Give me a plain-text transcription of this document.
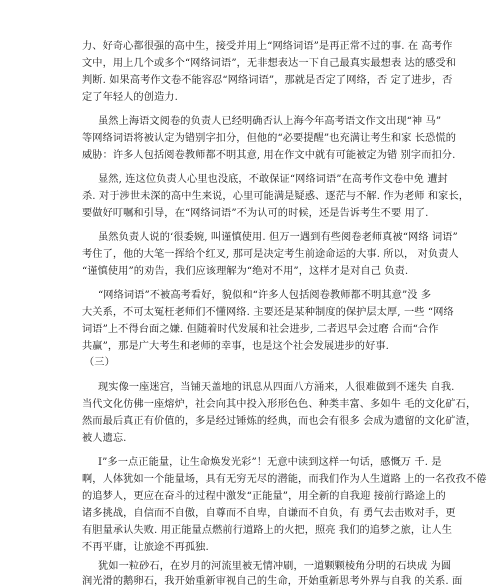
力、好奇心都很强的高中生，接受并用上“网络词语”是再正常不过的事. 在 高考作
文中，用上几个或多个“网络词语”，无非想表达一下自己最真实最想表 达的感受和
判断. 如果高考作文卷不能容忍“网络词语”，那就是否定了网络，否 定了进步，否
定了年轻人的创造力.
虽然上海语文阅卷的负责人已经明确否认上海今年高考语文作文出现“神 马”
等网络词语将被认定为错别字扣分，但他的“必要提醒”也充满让考生和家 长恐慌的
威胁：许多人包括阅卷教师都不明其意, 用在作文中就有可能被定为错 别字而扣分.
显然, 连这位负责人心里也没底，不敢保证“网络词语”在高考作文卷中免 遭封
杀. 对于涉世未深的高中生来说，心里可能满是疑惑、逐茫与不解. 作为老师 和家长，
要做好叮嘱和引导，在“网络词语”不为认可的时候，还是告诉考生不要 用了.
虽然负责人说的‘很委婉, 叫谨慎使用. 但万一遇到有些阅卷老师真被“网络 词语”
考住了，他的大笔一挥给个红叉, 那可是决定考生前途命运的大事. 所以， 对负责人
“谨慎使用”的劝告，我们应该理解为“绝对不用”，这样才是对自己 负责.
“网络词语”不被高考看好，貌似和“许多人包括阅卷教师都不明其意”没 多
大关系，不可太冤枉老师们不懂网络. 主要还是某种制度的保护层太厚, 一些 “网络
词语”上不得台面之嫌. 但随着时代发展和社会进步, 二者迟早会过磨 合而“合作
共赢”，那是广大考生和老师的幸事，也是这个社会发展进步的好事.
（三）
现实像一座迷宫，当铺天盖地的讯息从四面八方涌来，人很难做到不迷失 自我.
当代文化仿佛一座熔炉，社会向其中投入形形色色、种类丰富、多如牛 毛的文化矿石，
然而最后真正有价值的，多是经过锤炼的经典，而也会有很多 会成为遗留的文化矿渣，
被人遗忘.
I”多一点正能量，让生命焕发光彩”！无意中读到这样一句话，感慨万 千. 是
啊，人体犹如一个能量场，具有无穷无尽的潜能，而我们作为人生道路 上的一名孜孜不倦
的追梦人，更应在奋斗的过程中激发“正能量”，用全新的自我迎 接前行路途上的
诸多挑战，自信而不自傲，自尊而不自卑，自谦而不自负，有 勇气去击败对手，更
有胆量承认失败. 用正能量点燃前行道路上的火把，照亮 我们的追梦之旅，让人生
不再平庸，让旅途不再孤独.
犹如一粒砂石，在岁月的河流里被无情冲刷，一道颗颗棱角分明的石块成 为圆
润光滑的鹅卵石，我开始重新审视自己的生命，开始重新思考外界与自我 的关系. 面
